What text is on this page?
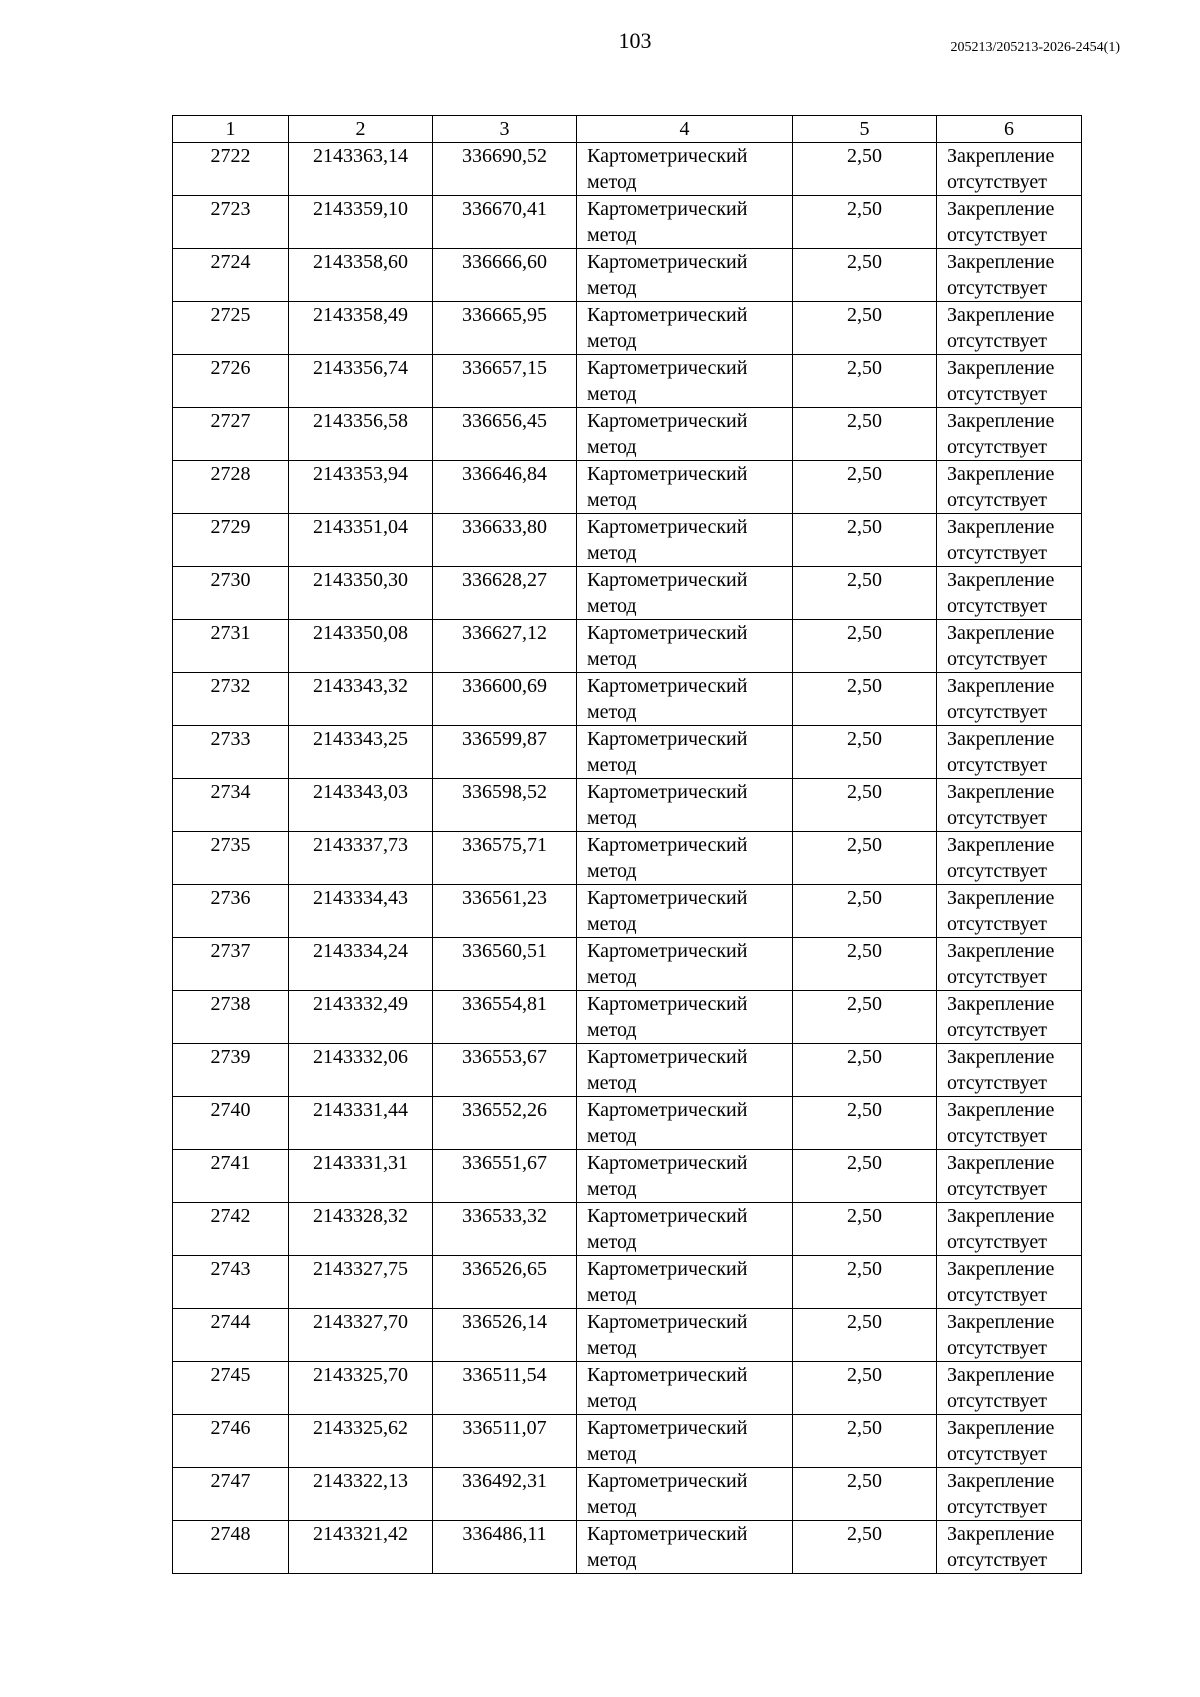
103	205213/205213-2026-2454(1)
1	2	3	4	5	6
2722	2143363,14	336690,52	Картометрический метод	2,50	Закрепление отсутствует
2723	2143359,10	336670,41	Картометрический метод	2,50	Закрепление отсутствует
2724	2143358,60	336666,60	Картометрический метод	2,50	Закрепление отсутствует
2725	2143358,49	336665,95	Картометрический метод	2,50	Закрепление отсутствует
2726	2143356,74	336657,15	Картометрический метод	2,50	Закрепление отсутствует
2727	2143356,58	336656,45	Картометрический метод	2,50	Закрепление отсутствует
2728	2143353,94	336646,84	Картометрический метод	2,50	Закрепление отсутствует
2729	2143351,04	336633,80	Картометрический метод	2,50	Закрепление отсутствует
2730	2143350,30	336628,27	Картометрический метод	2,50	Закрепление отсутствует
2731	2143350,08	336627,12	Картометрический метод	2,50	Закрепление отсутствует
2732	2143343,32	336600,69	Картометрический метод	2,50	Закрепление отсутствует
2733	2143343,25	336599,87	Картометрический метод	2,50	Закрепление отсутствует
2734	2143343,03	336598,52	Картометрический метод	2,50	Закрепление отсутствует
2735	2143337,73	336575,71	Картометрический метод	2,50	Закрепление отсутствует
2736	2143334,43	336561,23	Картометрический метод	2,50	Закрепление отсутствует
2737	2143334,24	336560,51	Картометрический метод	2,50	Закрепление отсутствует
2738	2143332,49	336554,81	Картометрический метод	2,50	Закрепление отсутствует
2739	2143332,06	336553,67	Картометрический метод	2,50	Закрепление отсутствует
2740	2143331,44	336552,26	Картометрический метод	2,50	Закрепление отсутствует
2741	2143331,31	336551,67	Картометрический метод	2,50	Закрепление отсутствует
2742	2143328,32	336533,32	Картометрический метод	2,50	Закрепление отсутствует
2743	2143327,75	336526,65	Картометрический метод	2,50	Закрепление отсутствует
2744	2143327,70	336526,14	Картометрический метод	2,50	Закрепление отсутствует
2745	2143325,70	336511,54	Картометрический метод	2,50	Закрепление отсутствует
2746	2143325,62	336511,07	Картометрический метод	2,50	Закрепление отсутствует
2747	2143322,13	336492,31	Картометрический метод	2,50	Закрепление отсутствует
2748	2143321,42	336486,11	Картометрический метод	2,50	Закрепление отсутствует
